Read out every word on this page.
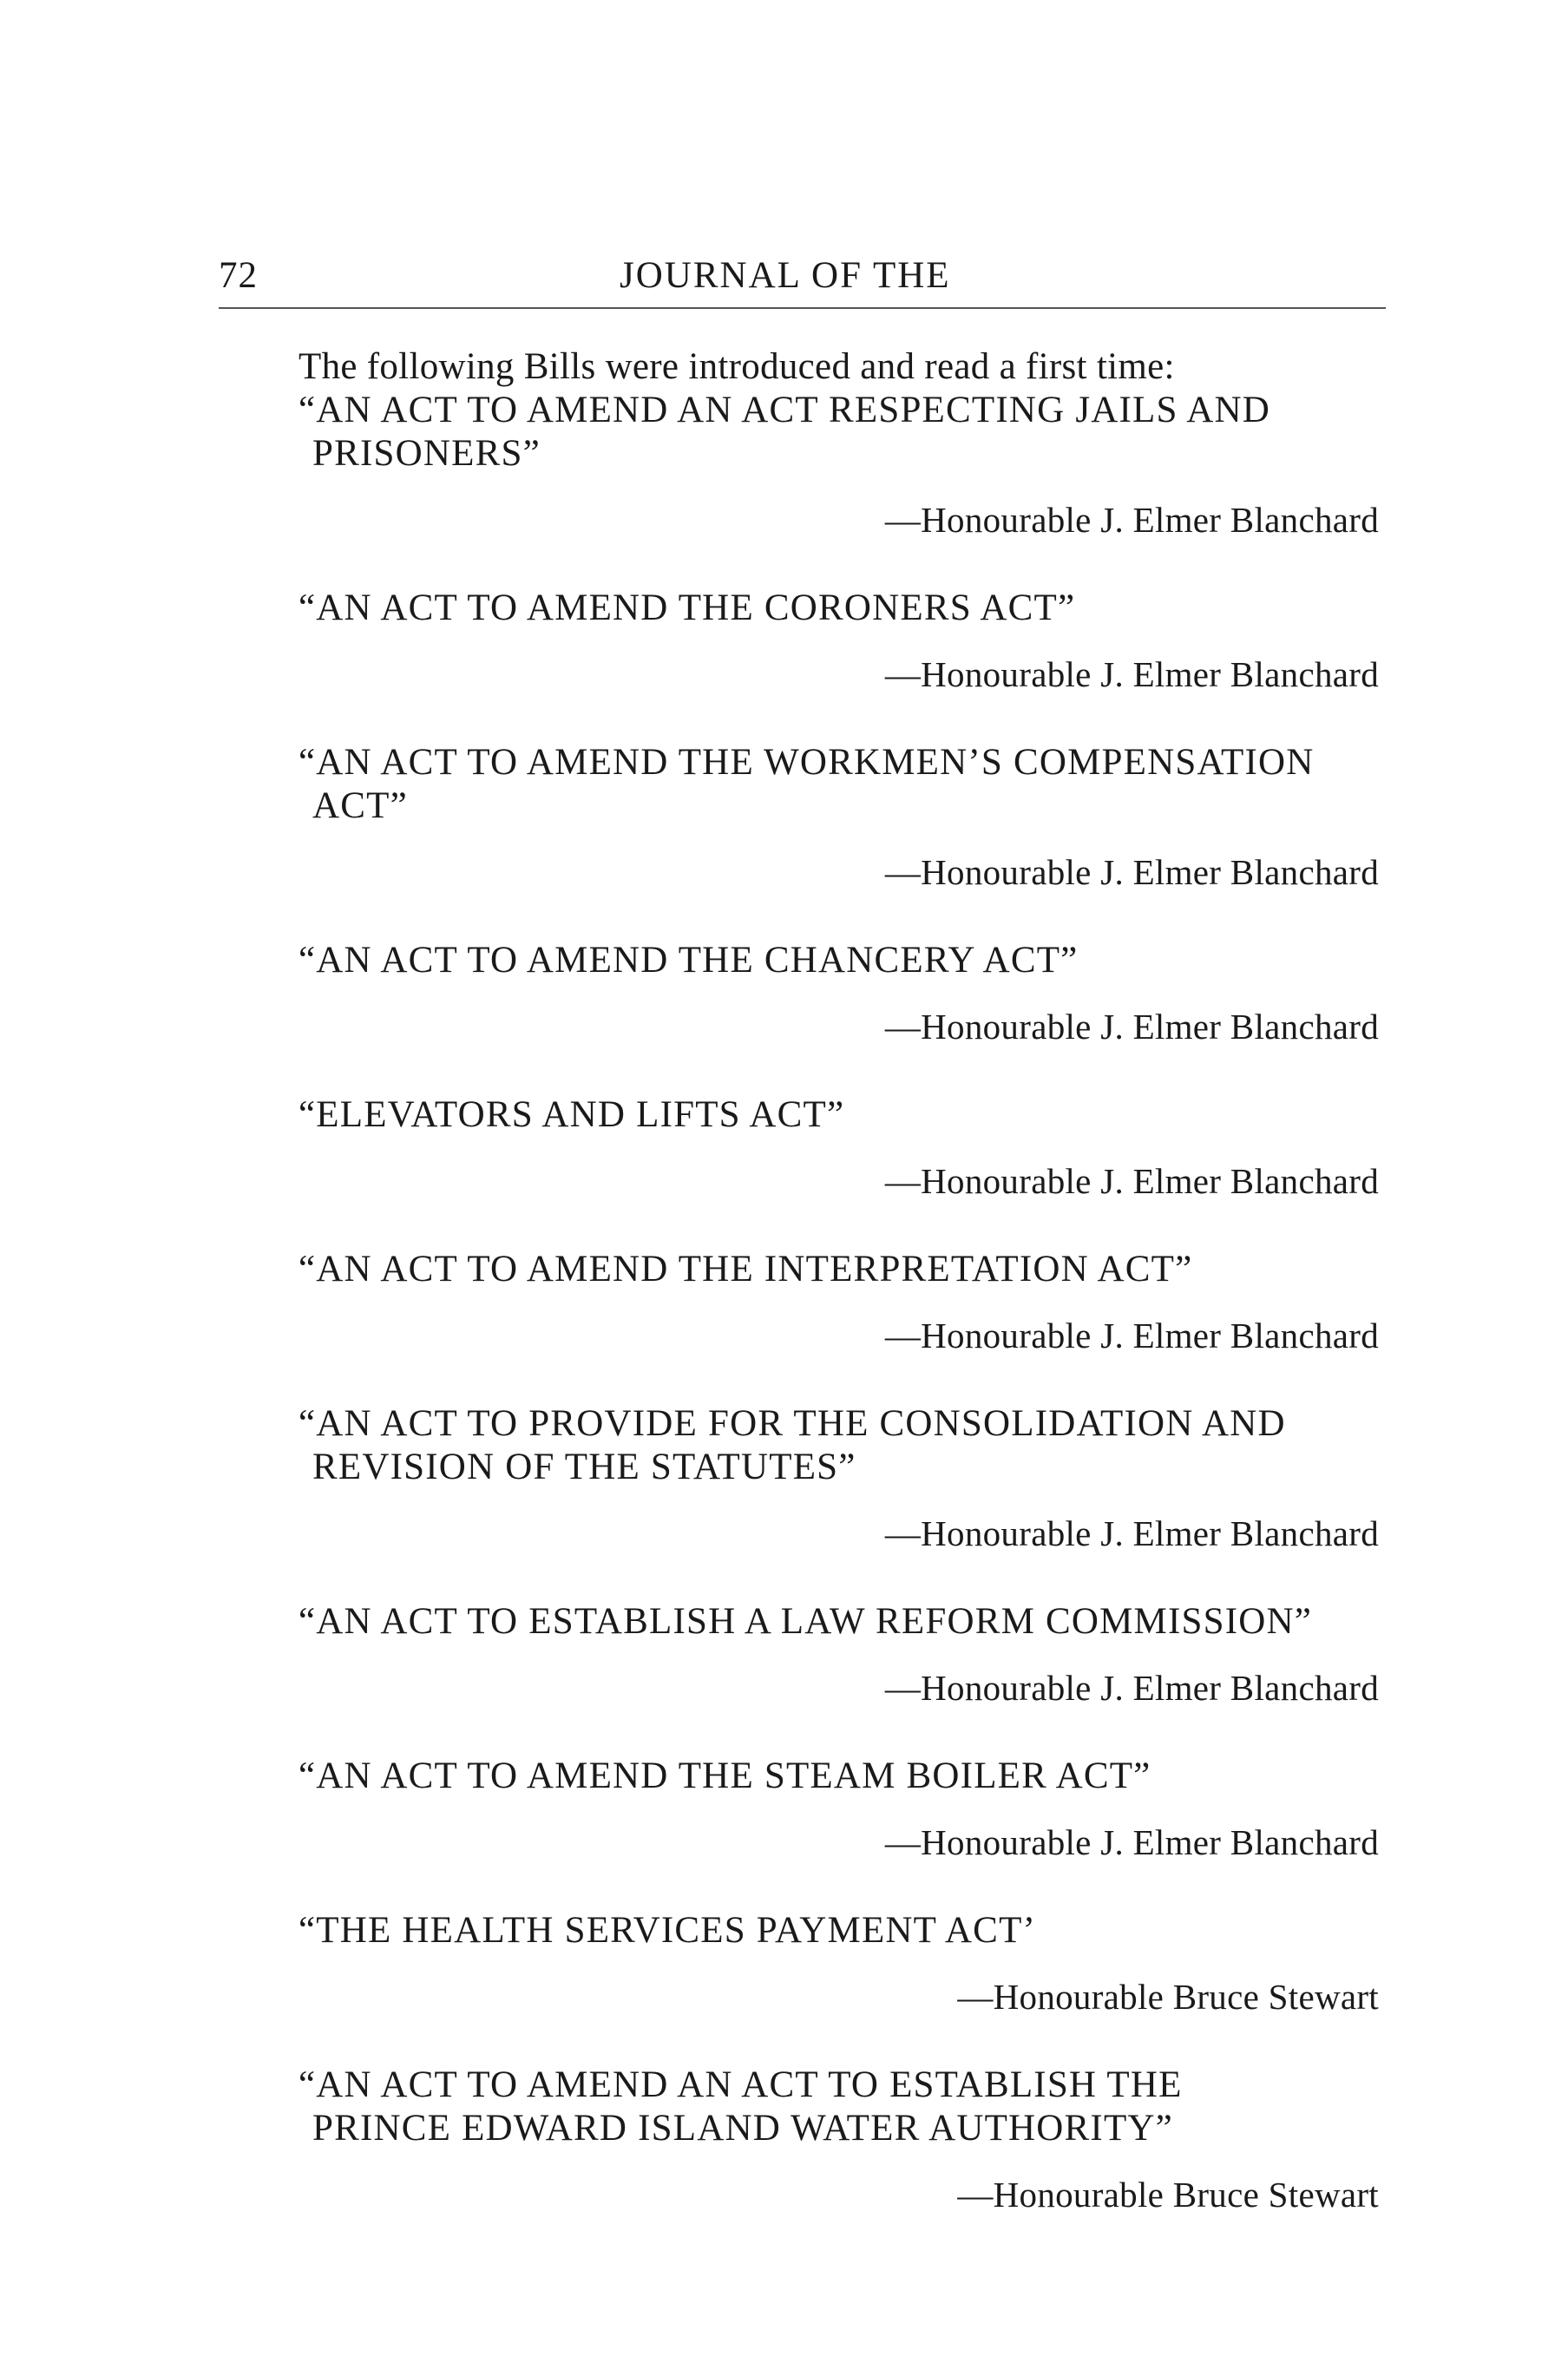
72	JOURNAL OF THE

The following Bills were introduced and read a first time:

“AN ACT TO AMEND AN ACT RESPECTING JAILS AND
PRISONERS”

—Honourable J. Elmer Blanchard

“AN ACT TO AMEND THE CORONERS ACT”

—Honourable J. Elmer Blanchard

“AN ACT TO AMEND THE WORKMEN’S COMPENSATION
ACT”

—Honourable J. Elmer Blanchard

“AN ACT TO AMEND THE CHANCERY ACT”

—Honourable J. Elmer Blanchard

“ELEVATORS AND LIFTS ACT”

—Honourable J. Elmer Blanchard

“AN ACT TO AMEND THE INTERPRETATION ACT”

—Honourable J. Elmer Blanchard

“AN ACT TO PROVIDE FOR THE CONSOLIDATION AND
REVISION OF THE STATUTES”

—Honourable J. Elmer Blanchard

“AN ACT TO ESTABLISH A LAW REFORM COMMISSION”

—Honourable J. Elmer Blanchard

“AN ACT TO AMEND THE STEAM BOILER ACT”

—Honourable J. Elmer Blanchard

“THE HEALTH SERVICES PAYMENT ACT’

—Honourable Bruce Stewart

“AN ACT TO AMEND AN ACT TO ESTABLISH THE
PRINCE EDWARD ISLAND WATER AUTHORITY”

—Honourable Bruce Stewart
